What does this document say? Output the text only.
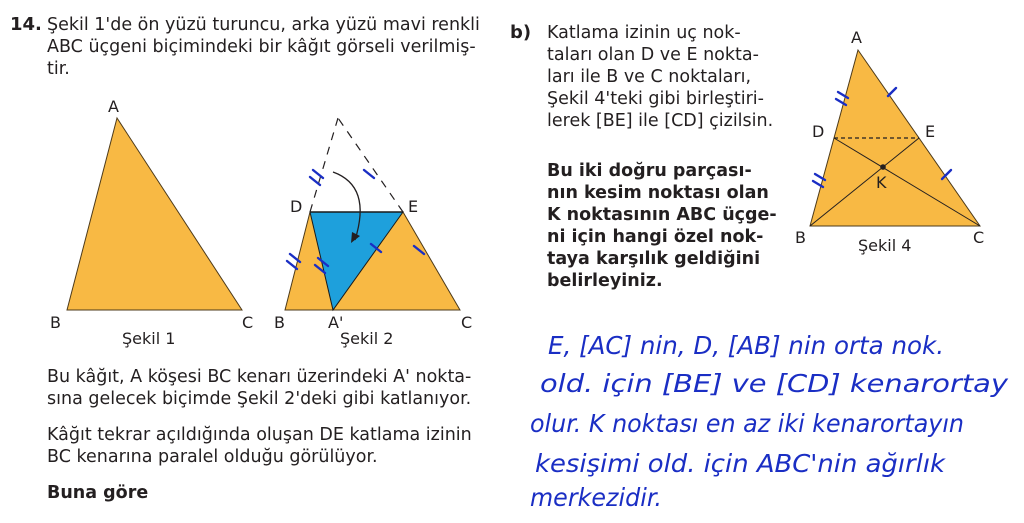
14. Şekil 1'de ön yüzü turuncu, arka yüzü mavi renkli
ABC üçgeni biçimindeki bir kâğıt görseli verilmiş-
tir.
A
B	C
Şekil 1
D	E
B	A'	C
Şekil 2
Bu kâğıt, A köşesi BC kenarı üzerindeki A' nokta-
sına gelecek biçimde Şekil 2'deki gibi katlanıyor.
Kâğıt tekrar açıldığında oluşan DE katlama izinin
BC kenarına paralel olduğu görülüyor.
Buna göre
b) Katlama izinin uç nok-
taları olan D ve E nokta-
ları ile B ve C noktaları,
Şekil 4'teki gibi birleştiri-
lerek [BE] ile [CD] çizilsin.
Bu iki doğru parçası-
nın kesim noktası olan
K noktasının ABC üçge-
ni için hangi özel nok-
taya karşılık geldiğini
belirleyiniz.
A
D	E
K
B	C
Şekil 4
E, [AC] nin, D, [AB] nin orta nok.
old. için [BE] ve [CD] kenarortay
olur. K noktası en az iki kenarortayın
kesişimi old. için ABC'nin ağırlık
merkezidir.
